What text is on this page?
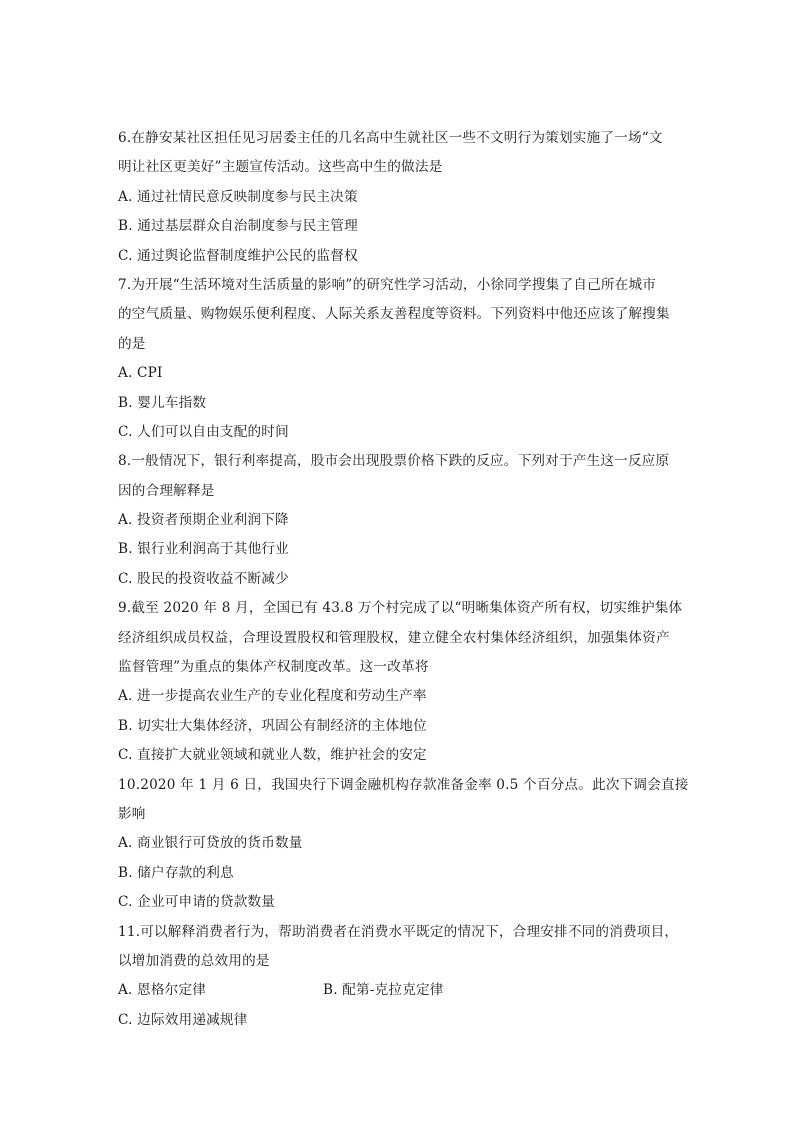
6.在静安某社区担任见习居委主任的几名高中生就社区一些不文明行为策划实施了一场“文
明让社区更美好”主题宣传活动。这些高中生的做法是
A. 通过社情民意反映制度参与民主决策
B. 通过基层群众自治制度参与民主管理
C. 通过舆论监督制度维护公民的监督权
7.为开展“生活环境对生活质量的影响”的研究性学习活动，小徐同学搜集了自己所在城市
的空气质量、购物娱乐便利程度、人际关系友善程度等资料。下列资料中他还应该了解搜集
的是
A. CPI
B. 婴儿车指数
C. 人们可以自由支配的时间
8.一般情况下，银行利率提高，股市会出现股票价格下跌的反应。下列对于产生这一反应原
因的合理解释是
A. 投资者预期企业利润下降
B. 银行业利润高于其他行业
C. 股民的投资收益不断减少
9.截至 2020 年 8 月，全国已有 43.8 万个村完成了以“明晰集体资产所有权，切实维护集体
经济组织成员权益，合理设置股权和管理股权，建立健全农村集体经济组织，加强集体资产
监督管理”为重点的集体产权制度改革。这一改革将
A. 进一步提高农业生产的专业化程度和劳动生产率
B. 切实壮大集体经济，巩固公有制经济的主体地位
C. 直接扩大就业领域和就业人数，维护社会的安定
10.2020 年 1 月 6 日，我国央行下调金融机构存款准备金率 0.5 个百分点。此次下调会直接
影响
A. 商业银行可贷放的货币数量
B. 储户存款的利息
C. 企业可申请的贷款数量
11.可以解释消费者行为，帮助消费者在消费水平既定的情况下，合理安排不同的消费项目，
以增加消费的总效用的是
A. 恩格尔定律	B. 配第-克拉克定律
C. 边际效用递减规律
